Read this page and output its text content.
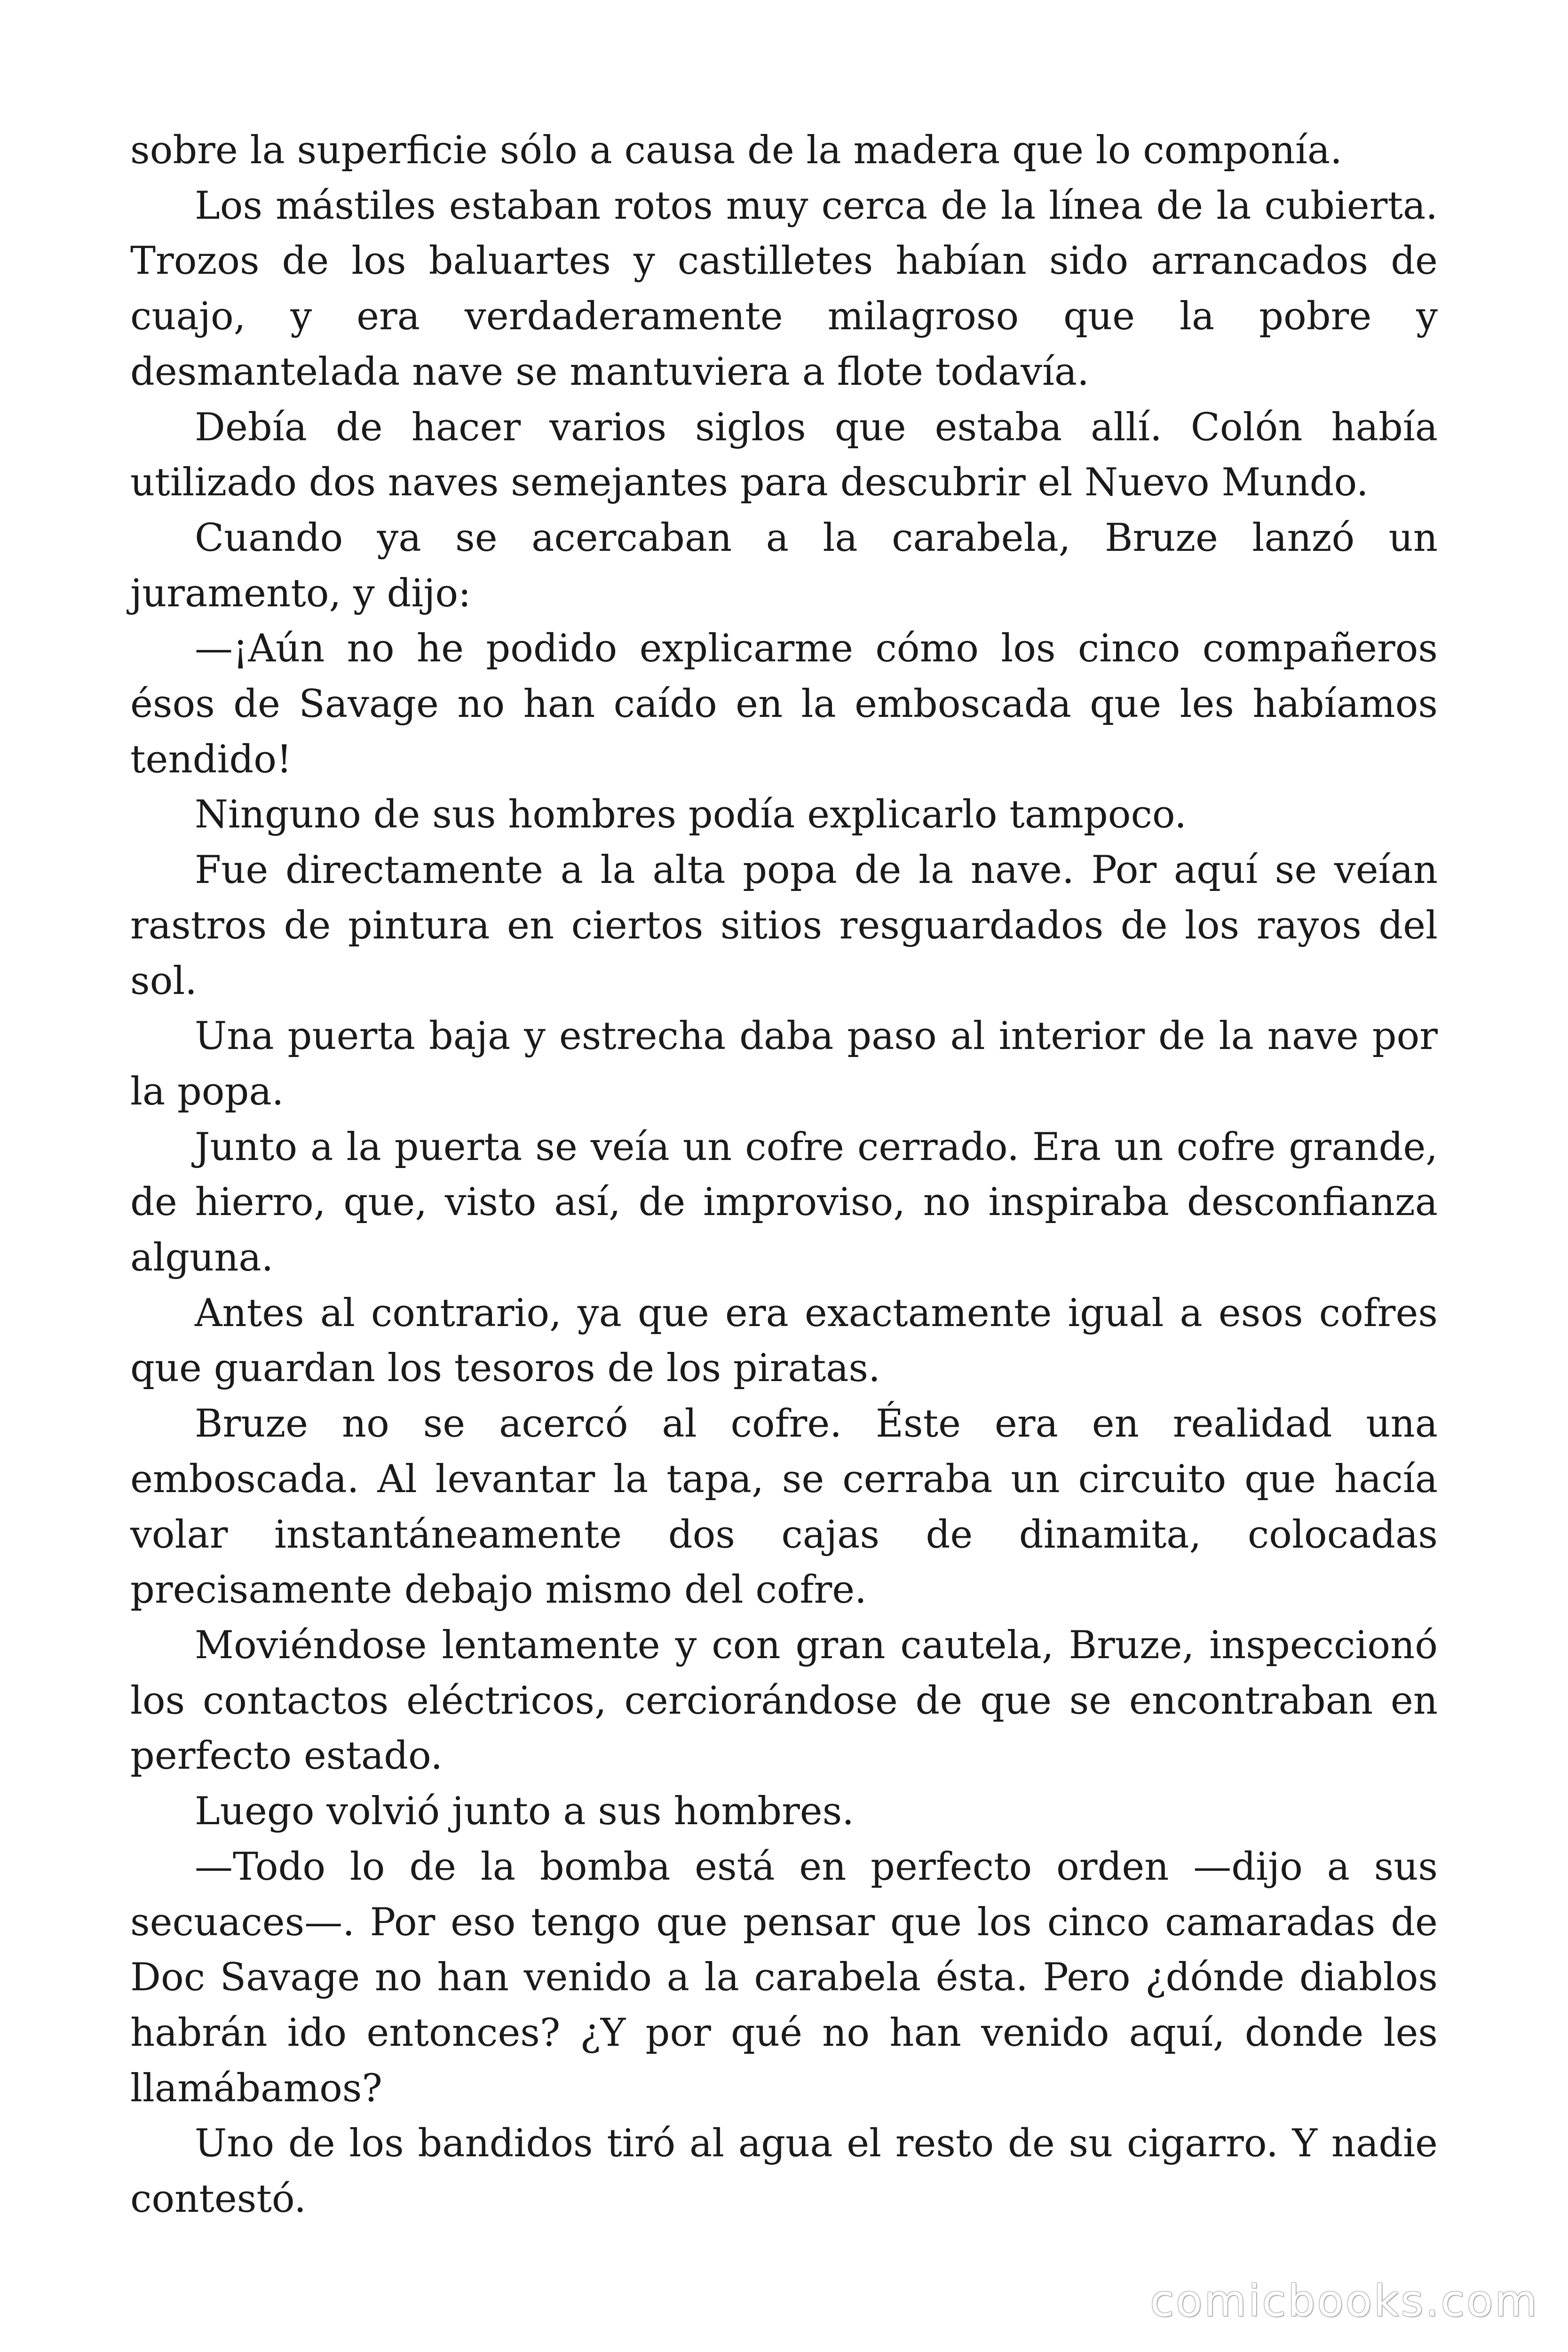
sobre la superficie sólo a causa de la madera que lo componía.

Los mástiles estaban rotos muy cerca de la línea de la cubierta. Trozos de los baluartes y castilletes habían sido arrancados de cuajo, y era verdaderamente milagroso que la pobre y desmantelada nave se mantuviera a flote todavía.

Debía de hacer varios siglos que estaba allí. Colón había utilizado dos naves semejantes para descubrir el Nuevo Mundo.

Cuando ya se acercaban a la carabela, Bruze lanzó un juramento, y dijo:

—¡Aún no he podido explicarme cómo los cinco compañeros ésos de Savage no han caído en la emboscada que les habíamos tendido!

Ninguno de sus hombres podía explicarlo tampoco.

Fue directamente a la alta popa de la nave. Por aquí se veían rastros de pintura en ciertos sitios resguardados de los rayos del sol.

Una puerta baja y estrecha daba paso al interior de la nave por la popa.

Junto a la puerta se veía un cofre cerrado. Era un cofre grande, de hierro, que, visto así, de improviso, no inspiraba desconfianza alguna.

Antes al contrario, ya que era exactamente igual a esos cofres que guardan los tesoros de los piratas.

Bruze no se acercó al cofre. Éste era en realidad una emboscada. Al levantar la tapa, se cerraba un circuito que hacía volar instantáneamente dos cajas de dinamita, colocadas precisamente debajo mismo del cofre.

Moviéndose lentamente y con gran cautela, Bruze, inspeccionó los contactos eléctricos, cerciorándose de que se encontraban en perfecto estado.

Luego volvió junto a sus hombres.

—Todo lo de la bomba está en perfecto orden —dijo a sus secuaces—. Por eso tengo que pensar que los cinco camaradas de Doc Savage no han venido a la carabela ésta. Pero ¿dónde diablos habrán ido entonces? ¿Y por qué no han venido aquí, donde les llamábamos?

Uno de los bandidos tiró al agua el resto de su cigarro. Y nadie contestó.

comicbooks.com
